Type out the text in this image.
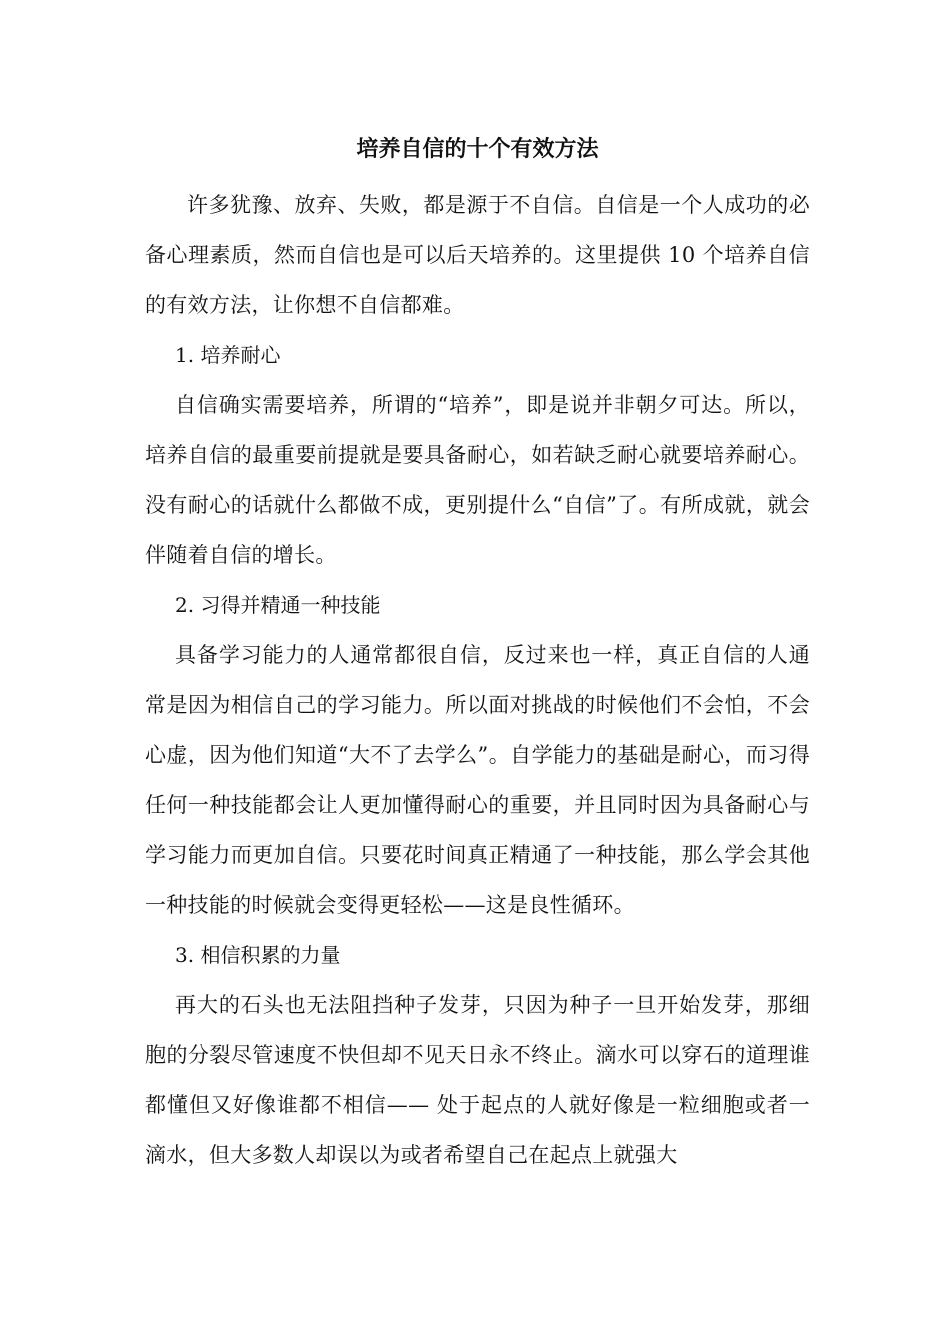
培养自信的十个有效方法

许多犹豫、放弃、失败，都是源于不自信。自信是一个人成功的必备心理素质，然而自信也是可以后天培养的。这里提供 10 个培养自信的有效方法，让你想不自信都难。

1. 培养耐心

自信确实需要培养，所谓的“培养”，即是说并非朝夕可达。所以，培养自信的最重要前提就是要具备耐心，如若缺乏耐心就要培养耐心。没有耐心的话就什么都做不成，更别提什么“自信”了。有所成就，就会伴随着自信的增长。

2. 习得并精通一种技能

具备学习能力的人通常都很自信，反过来也一样，真正自信的人通常是因为相信自己的学习能力。所以面对挑战的时候他们不会怕，不会心虚，因为他们知道“大不了去学么”。自学能力的基础是耐心，而习得任何一种技能都会让人更加懂得耐心的重要，并且同时因为具备耐心与学习能力而更加自信。只要花时间真正精通了一种技能，那么学会其他一种技能的时候就会变得更轻松——这是良性循环。

3. 相信积累的力量

再大的石头也无法阻挡种子发芽，只因为种子一旦开始发芽，那细胞的分裂尽管速度不快但却不见天日永不终止。滴水可以穿石的道理谁都懂但又好像谁都不相信—— 处于起点的人就好像是一粒细胞或者一滴水，但大多数人却误以为或者希望自己在起点上就强大
